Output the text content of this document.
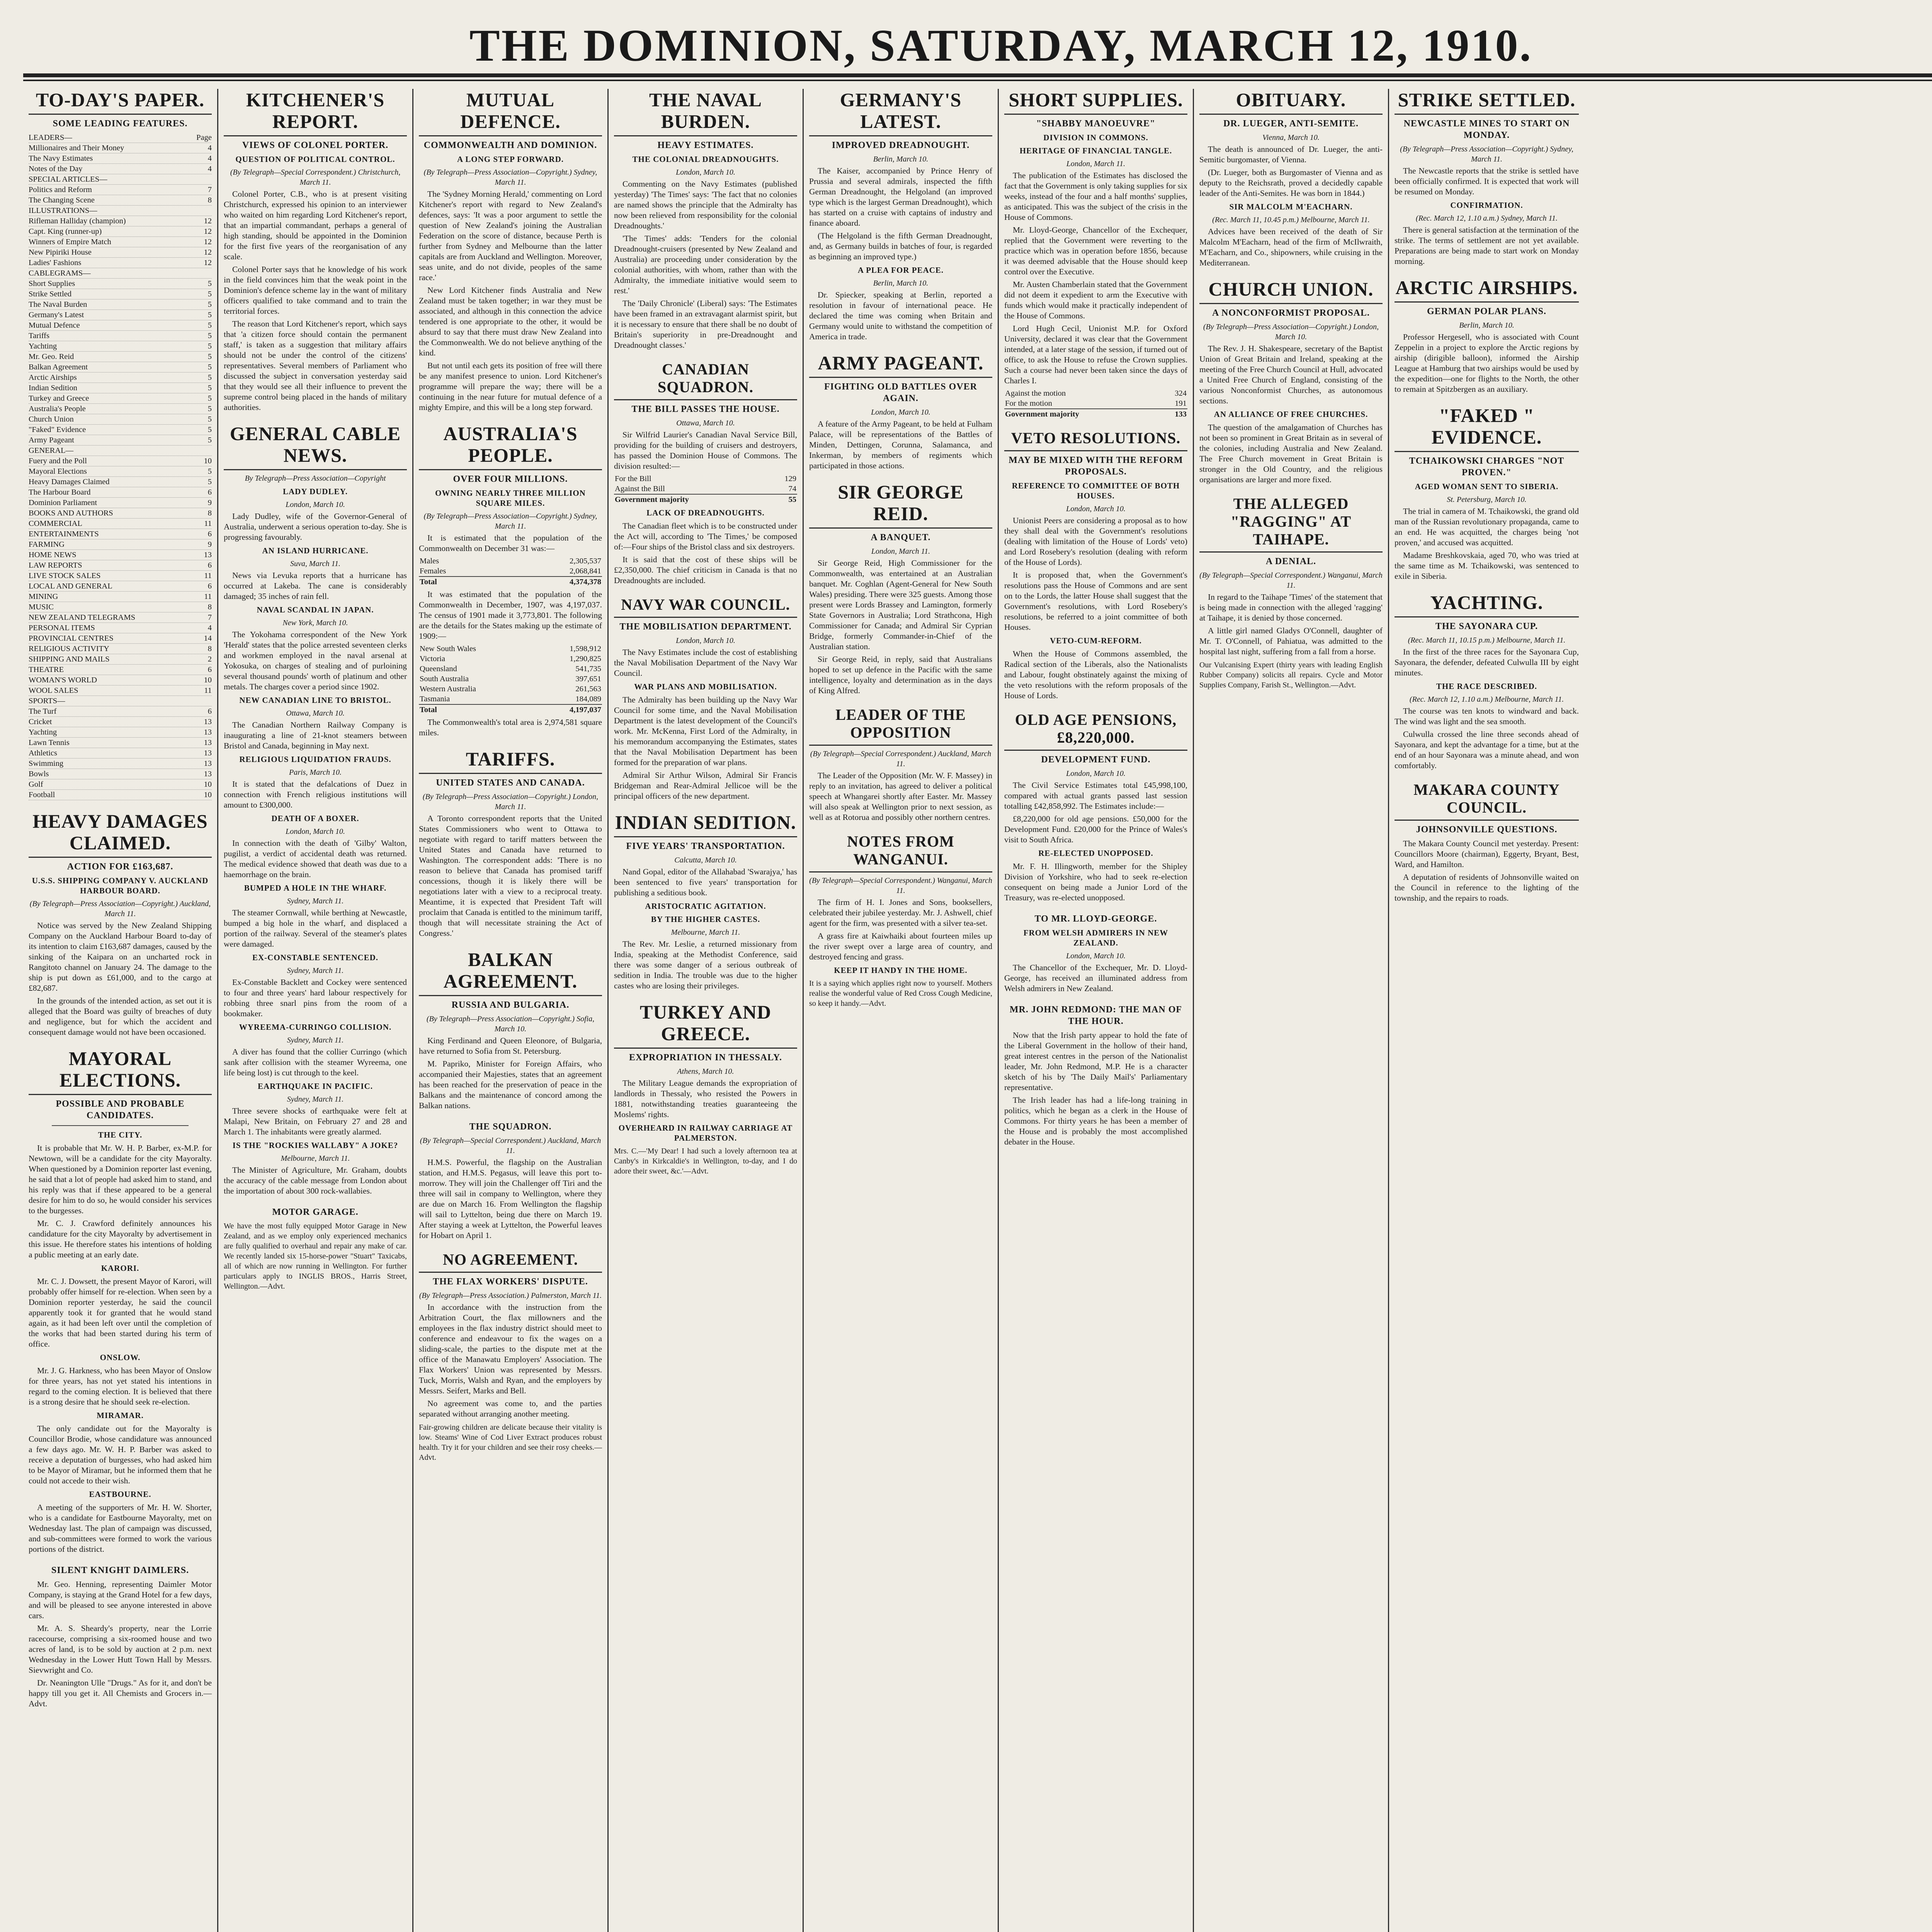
THE DOMINION, SATURDAY, MARCH 12, 1910.
TO-DAY'S PAPER.
SOME LEADING FEATURES.
LEADERS—	Page
Millionaires and Their Money	4
The Navy Estimates	4
Notes of the Day	4
SPECIAL ARTICLES—
Politics and Reform	7
The Changing Scene	8
ILLUSTRATIONS—
Rifleman Halliday (champion)	12
Capt. King (runner-up)	12
Winners of Empire Match	12
New Pipiriki House	12
Ladies' Fashions	12
CABLEGRAMS—
Short Supplies	5
Strike Settled	5
The Naval Burden	5
Germany's Latest	5
Mutual Defence	5
Tariffs	5
Yachting	5
Mr. Geo. Reid	5
Balkan Agreement	5
Arctic Airships	5
Indian Sedition	5
Turkey and Greece	5
Australia's People	5
Church Union	5
"Faked" Evidence	5
Army Pageant	5
GENERAL—
Fuery and the Poll	10
Mayoral Elections	5
Heavy Damages Claimed	5
The Harbour Board	6
Dominion Parliament	9
BOOKS AND AUTHORS	8
COMMERCIAL	11
ENTERTAINMENTS	6
FARMING	9
HOME NEWS	13
LAW REPORTS	6
LIVE STOCK SALES	11
LOCAL AND GENERAL	6
MINING	11
MUSIC	8
NEW ZEALAND TELEGRAMS	7
PERSONAL ITEMS	4
PROVINCIAL CENTRES	14
RELIGIOUS ACTIVITY	8
SHIPPING AND MAILS	2
THEATRE	6
WOMAN'S WORLD	10
WOOL SALES	11
SPORTS—
The Turf	6
Cricket	13
Yachting	13
Lawn Tennis	13
Athletics	13
Swimming	13
Bowls	13
Golf	10
Football	10
HEAVY DAMAGES CLAIMED.
ACTION FOR £163,687.
U.S.S. SHIPPING COMPANY V. AUCKLAND HARBOUR BOARD.
(By Telegraph—Press Association—Copyright.) Auckland, March 11.

Notice was served by the New Zealand Shipping Company on the Auckland Harbour Board to-day of its intention to claim £163,687 damages, caused by the sinking of the Kaipara on an uncharted rock in Rangitoto channel on January 24. The damage to the ship is put down as £61,000, and to the cargo at £82,687.

In the grounds of the intended action, as set out it is alleged that the Board was guilty of breaches of duty and negligence, but for which the accident and consequent damage would not have been occasioned.

MAYORAL ELECTIONS.
POSSIBLE AND PROBABLE CANDIDATES.
THE CITY.

It is probable that Mr. W. H. P. Barber, ex-M.P. for Newtown, will be a candidate for the city Mayoralty. When questioned by a Dominion reporter last evening, he said that a lot of people had asked him to stand, and his reply was that if these appeared to be a general desire for him to do so, he would consider his services to the burgesses.

Mr. C. J. Crawford definitely announces his candidature for the city Mayoralty by advertisement in this issue. He therefore states his intentions of holding a public meeting at an early date.

KARORI.

Mr. C. J. Dowsett, the present Mayor of Karori, will probably offer himself for re-election. When seen by a Dominion reporter yesterday, he said the council apparently took it for granted that he would stand again, as it had been left over until the completion of the works that had been started during his term of office.

ONSLOW.

Mr. J. G. Harkness, who has been Mayor of Onslow for three years, has not yet stated his intentions in regard to the coming election. It is believed that there is a strong desire that he should seek re-election.

MIRAMAR.

The only candidate out for the Mayoralty is Councillor Brodie, whose candidature was announced a few days ago. Mr. W. H. P. Barber was asked to receive a deputation of burgesses, who had asked him to be Mayor of Miramar, but he informed them that he could not accede to their wish.

EASTBOURNE.

A meeting of the supporters of Mr. H. W. Shorter, who is a candidate for Eastbourne Mayoralty, met on Wednesday last. The plan of campaign was discussed, and sub-committees were formed to work the various portions of the district.

SILENT KNIGHT DAIMLERS.

Mr. Geo. Henning, representing Daimler Motor Company, is staying at the Grand Hotel for a few days, and will be pleased to see anyone interested in above cars.

Mr. A. S. Sheardy's property, near the Lorrie racecourse, comprising a six-roomed house and two acres of land, is to be sold by auction at 2 p.m. next Wednesday in the Lower Hutt Town Hall by Messrs. Sievwright and Co.

Dr. Neanington Ulle "Drugs." As for it, and don't be happy till you get it. All Chemists and Grocers in.—Advt.

KITCHENER'S REPORT.
VIEWS OF COLONEL PORTER.
QUESTION OF POLITICAL CONTROL.
(By Telegraph—Special Correspondent.) Christchurch, March 11.

Colonel Porter, C.B., who is at present visiting Christchurch, expressed his opinion to an interviewer who waited on him regarding Lord Kitchener's report, that an impartial commandant, perhaps a general of high standing, should be appointed in the Dominion for the first five years of the reorganisation of any scale.

Colonel Porter says that he knowledge of his work in the field convinces him that the weak point in the Dominion's defence scheme lay in the want of military officers qualified to take command and to train the territorial forces.

The reason that Lord Kitchener's report, which says that 'a citizen force should contain the permanent staff,' is taken as a suggestion that military affairs should not be under the control of the citizens' representatives. Several members of Parliament who discussed the subject in conversation yesterday said that they would see all their influence to prevent the supreme control being placed in the hands of military authorities.

GENERAL CABLE NEWS.
By Telegraph—Press Association—Copyright
LADY DUDLEY.
London, March 10.

Lady Dudley, wife of the Governor-General of Australia, underwent a serious operation to-day. She is progressing favourably.

AN ISLAND HURRICANE.
Suva, March 11.

News via Levuka reports that a hurricane has occurred at Lakeba. The cane is considerably damaged; 35 inches of rain fell.

NAVAL SCANDAL IN JAPAN.
New York, March 10.

The Yokohama correspondent of the New York 'Herald' states that the police arrested seventeen clerks and workmen employed in the naval arsenal at Yokosuka, on charges of stealing and of purloining several thousand pounds' worth of platinum and other metals. The charges cover a period since 1902.

NEW CANADIAN LINE TO BRISTOL.
Ottawa, March 10.

The Canadian Northern Railway Company is inaugurating a line of 21-knot steamers between Bristol and Canada, beginning in May next.

RELIGIOUS LIQUIDATION FRAUDS.
Paris, March 10.

It is stated that the defalcations of Duez in connection with French religious institutions will amount to £300,000.

DEATH OF A BOXER.
London, March 10.

In connection with the death of 'Gilby' Walton, pugilist, a verdict of accidental death was returned. The medical evidence showed that death was due to a haemorrhage on the brain.

BUMPED A HOLE IN THE WHARF.
Sydney, March 11.

The steamer Cornwall, while berthing at Newcastle, bumped a big hole in the wharf, and displaced a portion of the railway. Several of the steamer's plates were damaged.

EX-CONSTABLE SENTENCED.
Sydney, March 11.

Ex-Constable Backlett and Cockey were sentenced to four and three years' hard labour respectively for robbing three snarl pins from the room of a bookmaker.

WYREEMA-CURRINGO COLLISION.
Sydney, March 11.

A diver has found that the collier Curringo (which sank after collision with the steamer Wyreema, one life being lost) is cut through to the keel.

EARTHQUAKE IN PACIFIC.
Sydney, March 11.

Three severe shocks of earthquake were felt at Malapi, New Britain, on February 27 and 28 and March 1. The inhabitants were greatly alarmed.

IS THE "ROCKIES WALLABY" A JOKE?
Melbourne, March 11.

The Minister of Agriculture, Mr. Graham, doubts the accuracy of the cable message from London about the importation of about 300 rock-wallabies.

MOTOR GARAGE.
We have the most fully equipped Motor Garage in New Zealand, and as we employ only experienced mechanics are fully qualified to overhaul and repair any make of car. We recently landed six 15-horse-power "Stuart" Taxicabs, all of which are now running in Wellington. For further particulars apply to INGLIS BROS., Harris Street, Wellington.—Advt.
MUTUAL DEFENCE.
COMMONWEALTH AND DOMINION.
A LONG STEP FORWARD.
(By Telegraph—Press Association—Copyright.) Sydney, March 11.

The 'Sydney Morning Herald,' commenting on Lord Kitchener's report with regard to New Zealand's defences, says: 'It was a poor argument to settle the question of New Zealand's joining the Australian Federation on the score of distance, because Perth is further from Sydney and Melbourne than the latter capitals are from Auckland and Wellington. Moreover, seas unite, and do not divide, peoples of the same race.'

New Lord Kitchener finds Australia and New Zealand must be taken together; in war they must be associated, and although in this connection the advice tendered is one appropriate to the other, it would be absurd to say that there must draw New Zealand into the Commonwealth. We do not believe anything of the kind.

But not until each gets its position of free will there be any manifest presence to union. Lord Kitchener's programme will prepare the way; there will be a continuing in the near future for mutual defence of a mighty Empire, and this will be a long step forward.

AUSTRALIA'S PEOPLE.
OVER FOUR MILLIONS.
OWNING NEARLY THREE MILLION SQUARE MILES.
(By Telegraph—Press Association—Copyright.) Sydney, March 11.

It is estimated that the population of the Commonwealth on December 31 was:—

Males	2,305,537
Females	2,068,841
Total	4,374,378

It was estimated that the population of the Commonwealth in December, 1907, was 4,197,037. The census of 1901 made it 3,773,801. The following are the details for the States making up the estimate of 1909:—

New South Wales	1,598,912
Victoria	1,290,825
Queensland	541,735
South Australia	397,651
Western Australia	261,563
Tasmania	184,089
Total	4,197,037

The Commonwealth's total area is 2,974,581 square miles.

TARIFFS.
UNITED STATES AND CANADA.
(By Telegraph—Press Association—Copyright.) London, March 11.

A Toronto correspondent reports that the United States Commissioners who went to Ottawa to negotiate with regard to tariff matters between the United States and Canada have returned to Washington. The correspondent adds: 'There is no reason to believe that Canada has promised tariff concessions, though it is likely there will be negotiations later with a view to a reciprocal treaty. Meantime, it is expected that President Taft will proclaim that Canada is entitled to the minimum tariff, though that will necessitate straining the Act of Congress.'

BALKAN AGREEMENT.
RUSSIA AND BULGARIA.
(By Telegraph—Press Association—Copyright.) Sofia, March 10.

King Ferdinand and Queen Eleonore, of Bulgaria, have returned to Sofia from St. Petersburg.

M. Papriko, Minister for Foreign Affairs, who accompanied their Majesties, states that an agreement has been reached for the preservation of peace in the Balkans and the maintenance of concord among the Balkan nations.

THE SQUADRON.
(By Telegraph—Special Correspondent.) Auckland, March 11.

H.M.S. Powerful, the flagship on the Australian station, and H.M.S. Pegasus, will leave this port to-morrow. They will join the Challenger off Tiri and the three will sail in company to Wellington, where they are due on March 16. From Wellington the flagship will sail to Lyttelton, being due there on March 19. After staying a week at Lyttelton, the Powerful leaves for Hobart on April 1.

NO AGREEMENT.
THE FLAX WORKERS' DISPUTE.
(By Telegraph—Press Association.) Palmerston, March 11.

In accordance with the instruction from the Arbitration Court, the flax millowners and the employees in the flax industry district should meet to conference and endeavour to fix the wages on a sliding-scale, the parties to the dispute met at the office of the Manawatu Employers' Association. The Flax Workers' Union was represented by Messrs. Tuck, Morris, Walsh and Ryan, and the employers by Messrs. Seifert, Marks and Bell.

No agreement was come to, and the parties separated without arranging another meeting.

Fair-growing children are delicate because their vitality is low. Steams' Wine of Cod Liver Extract produces robust health. Try it for your children and see their rosy cheeks.—Advt.
THE NAVAL BURDEN.
HEAVY ESTIMATES.
THE COLONIAL DREADNOUGHTS.
London, March 10.

Commenting on the Navy Estimates (published yesterday) 'The Times' says: 'The fact that no colonies are named shows the principle that the Admiralty has now been relieved from responsibility for the colonial Dreadnoughts.'

'The Times' adds: 'Tenders for the colonial Dreadnought-cruisers (presented by New Zealand and Australia) are proceeding under consideration by the colonial authorities, with whom, rather than with the Admiralty, the immediate initiative would seem to rest.'

The 'Daily Chronicle' (Liberal) says: 'The Estimates have been framed in an extravagant alarmist spirit, but it is necessary to ensure that there shall be no doubt of Britain's superiority in pre-Dreadnought and Dreadnought classes.'

CANADIAN SQUADRON.
THE BILL PASSES THE HOUSE.
Ottawa, March 10.

Sir Wilfrid Laurier's Canadian Naval Service Bill, providing for the building of cruisers and destroyers, has passed the Dominion House of Commons. The division resulted:—

For the Bill	129
Against the Bill	74
Government majority	55
LACK OF DREADNOUGHTS.

The Canadian fleet which is to be constructed under the Act will, according to 'The Times,' be composed of:—Four ships of the Bristol class and six destroyers.

It is said that the cost of these ships will be £2,350,000. The chief criticism in Canada is that no Dreadnoughts are included.

NAVY WAR COUNCIL.
THE MOBILISATION DEPARTMENT.
London, March 10.

The Navy Estimates include the cost of establishing the Naval Mobilisation Department of the Navy War Council.

WAR PLANS AND MOBILISATION.

The Admiralty has been building up the Navy War Council for some time, and the Naval Mobilisation Department is the latest development of the Council's work. Mr. McKenna, First Lord of the Admiralty, in his memorandum accompanying the Estimates, states that the Naval Mobilisation Department has been formed for the preparation of war plans.

Admiral Sir Arthur Wilson, Admiral Sir Francis Bridgeman and Rear-Admiral Jellicoe will be the principal officers of the new department.

INDIAN SEDITION.
FIVE YEARS' TRANSPORTATION.
Calcutta, March 10.

Nand Gopal, editor of the Allahabad 'Swarajya,' has been sentenced to five years' transportation for publishing a seditious book.

ARISTOCRATIC AGITATION.
BY THE HIGHER CASTES.
Melbourne, March 11.

The Rev. Mr. Leslie, a returned missionary from India, speaking at the Methodist Conference, said there was some danger of a serious outbreak of sedition in India. The trouble was due to the higher castes who are losing their privileges.

TURKEY AND GREECE.
EXPROPRIATION IN THESSALY.
Athens, March 10.

The Military League demands the expropriation of landlords in Thessaly, who resisted the Powers in 1881, notwithstanding treaties guaranteeing the Moslems' rights.

OVERHEARD IN RAILWAY CARRIAGE AT PALMERSTON.
Mrs. C.—'My Dear! I had such a lovely afternoon tea at Canby's in Kirkcaldie's in Wellington, to-day, and I do adore their sweet, &c.'—Advt.
GERMANY'S LATEST.
IMPROVED DREADNOUGHT.
Berlin, March 10.

The Kaiser, accompanied by Prince Henry of Prussia and several admirals, inspected the fifth German Dreadnought, the Helgoland (an improved type which is the largest German Dreadnought), which has started on a cruise with captains of industry and finance aboard.

(The Helgoland is the fifth German Dreadnought, and, as Germany builds in batches of four, is regarded as beginning an improved type.)

A PLEA FOR PEACE.
Berlin, March 10.

Dr. Spiecker, speaking at Berlin, reported a resolution in favour of international peace. He declared the time was coming when Britain and Germany would unite to withstand the competition of America in trade.

ARMY PAGEANT.
FIGHTING OLD BATTLES OVER AGAIN.
London, March 10.

A feature of the Army Pageant, to be held at Fulham Palace, will be representations of the Battles of Minden, Dettingen, Corunna, Salamanca, and Inkerman, by members of regiments which participated in those actions.

SIR GEORGE REID.
A BANQUET.
London, March 11.

Sir George Reid, High Commissioner for the Commonwealth, was entertained at an Australian banquet. Mr. Coghlan (Agent-General for New South Wales) presiding. There were 325 guests. Among those present were Lords Brassey and Lamington, formerly State Governors in Australia; Lord Strathcona, High Commissioner for Canada; and Admiral Sir Cyprian Bridge, formerly Commander-in-Chief of the Australian station.

Sir George Reid, in reply, said that Australians hoped to set up defence in the Pacific with the same intelligence, loyalty and determination as in the days of King Alfred.

LEADER OF THE OPPOSITION
(By Telegraph—Special Correspondent.) Auckland, March 11.

The Leader of the Opposition (Mr. W. F. Massey) in reply to an invitation, has agreed to deliver a political speech at Whangarei shortly after Easter. Mr. Massey will also speak at Wellington prior to next session, as well as at Rotorua and possibly other northern centres.

NOTES FROM WANGANUI.
(By Telegraph—Special Correspondent.) Wanganui, March 11.

The firm of H. I. Jones and Sons, booksellers, celebrated their jubilee yesterday. Mr. J. Ashwell, chief agent for the firm, was presented with a silver tea-set.

A grass fire at Kaiwhaiki about fourteen miles up the river swept over a large area of country, and destroyed fencing and grass.

KEEP IT HANDY IN THE HOME.
It is a saying which applies right now to yourself. Mothers realise the wonderful value of Red Cross Cough Medicine, so keep it handy.—Advt.
SHORT SUPPLIES.
"SHABBY MANOEUVRE"
DIVISION IN COMMONS.
HERITAGE OF FINANCIAL TANGLE.
London, March 11.

The publication of the Estimates has disclosed the fact that the Government is only taking supplies for six weeks, instead of the four and a half months' supplies, as anticipated. This was the subject of the crisis in the House of Commons.

Mr. Lloyd-George, Chancellor of the Exchequer, replied that the Government were reverting to the practice which was in operation before 1856, because it was deemed advisable that the House should keep control over the Executive.

Mr. Austen Chamberlain stated that the Government did not deem it expedient to arm the Executive with funds which would make it practically independent of the House of Commons.

Lord Hugh Cecil, Unionist M.P. for Oxford University, declared it was clear that the Government intended, at a later stage of the session, if turned out of office, to ask the House to refuse the Crown supplies. Such a course had never been taken since the days of Charles I.

Against the motion	324
For the motion	191
Government majority	133
VETO RESOLUTIONS.
MAY BE MIXED WITH THE REFORM PROPOSALS.
REFERENCE TO COMMITTEE OF BOTH HOUSES.
London, March 10.

Unionist Peers are considering a proposal as to how they shall deal with the Government's resolutions (dealing with limitation of the House of Lords' veto) and Lord Rosebery's resolution (dealing with reform of the House of Lords).

It is proposed that, when the Government's resolutions pass the House of Commons and are sent on to the Lords, the latter House shall suggest that the Government's resolutions, with Lord Rosebery's resolutions, be referred to a joint committee of both Houses.

VETO-CUM-REFORM.

When the House of Commons assembled, the Radical section of the Liberals, also the Nationalists and Labour, fought obstinately against the mixing of the veto resolutions with the reform proposals of the House of Lords.

OLD AGE PENSIONS, £8,220,000.
DEVELOPMENT FUND.
London, March 10.

The Civil Service Estimates total £45,998,100, compared with actual grants passed last session totalling £42,858,992. The Estimates include:—

£8,220,000 for old age pensions. £50,000 for the Development Fund. £20,000 for the Prince of Wales's visit to South Africa.

RE-ELECTED UNOPPOSED.

Mr. F. H. Illingworth, member for the Shipley Division of Yorkshire, who had to seek re-election consequent on being made a Junior Lord of the Treasury, was re-elected unopposed.

TO MR. LLOYD-GEORGE.
FROM WELSH ADMIRERS IN NEW ZEALAND.
London, March 10.

The Chancellor of the Exchequer, Mr. D. Lloyd-George, has received an illuminated address from Welsh admirers in New Zealand.

MR. JOHN REDMOND: THE MAN OF THE HOUR.

Now that the Irish party appear to hold the fate of the Liberal Government in the hollow of their hand, great interest centres in the person of the Nationalist leader, Mr. John Redmond, M.P. He is a character sketch of his by 'The Daily Mail's' Parliamentary representative.

The Irish leader has had a life-long training in politics, which he began as a clerk in the House of Commons. For thirty years he has been a member of the House and is probably the most accomplished debater in the House.

OBITUARY.
DR. LUEGER, ANTI-SEMITE.
Vienna, March 10.

The death is announced of Dr. Lueger, the anti-Semitic burgomaster, of Vienna.

(Dr. Lueger, both as Burgomaster of Vienna and as deputy to the Reichsrath, proved a decidedly capable leader of the Anti-Semites. He was born in 1844.)

SIR MALCOLM M'EACHARN.
(Rec. March 11, 10.45 p.m.) Melbourne, March 11.

Advices have been received of the death of Sir Malcolm M'Eacharn, head of the firm of McIlwraith, M'Eacharn, and Co., shipowners, while cruising in the Mediterranean.

CHURCH UNION.
A NONCONFORMIST PROPOSAL.
(By Telegraph—Press Association—Copyright.) London, March 10.

The Rev. J. H. Shakespeare, secretary of the Baptist Union of Great Britain and Ireland, speaking at the meeting of the Free Church Council at Hull, advocated a United Free Church of England, consisting of the various Nonconformist Churches, as autonomous sections.

AN ALLIANCE OF FREE CHURCHES.

The question of the amalgamation of Churches has not been so prominent in Great Britain as in several of the colonies, including Australia and New Zealand. The Free Church movement in Great Britain is stronger in the Old Country, and the religious organisations are larger and more fixed.

THE ALLEGED "RAGGING" AT TAIHAPE.
A DENIAL.
(By Telegraph—Special Correspondent.) Wanganui, March 11.

In regard to the Taihape 'Times' of the statement that is being made in connection with the alleged 'ragging' at Taihape, it is denied by those concerned.

A little girl named Gladys O'Connell, daughter of Mr. T. O'Connell, of Pahiatua, was admitted to the hospital last night, suffering from a fall from a horse.

Our Vulcanising Expert (thirty years with leading English Rubber Company) solicits all repairs. Cycle and Motor Supplies Company, Farish St., Wellington.—Advt.
STRIKE SETTLED.
NEWCASTLE MINES TO START ON MONDAY.
(By Telegraph—Press Association—Copyright.) Sydney, March 11.

The Newcastle reports that the strike is settled have been officially confirmed. It is expected that work will be resumed on Monday.

CONFIRMATION.
(Rec. March 12, 1.10 a.m.) Sydney, March 11.

There is general satisfaction at the termination of the strike. The terms of settlement are not yet available. Preparations are being made to start work on Monday morning.

ARCTIC AIRSHIPS.
GERMAN POLAR PLANS.
Berlin, March 10.

Professor Hergesell, who is associated with Count Zeppelin in a project to explore the Arctic regions by airship (dirigible balloon), informed the Airship League at Hamburg that two airships would be used by the expedition—one for flights to the North, the other to remain at Spitzbergen as an auxiliary.

"FAKED " EVIDENCE.
TCHAIKOWSKI CHARGES "NOT PROVEN."
AGED WOMAN SENT TO SIBERIA.
St. Petersburg, March 10.

The trial in camera of M. Tchaikowski, the grand old man of the Russian revolutionary propaganda, came to an end. He was acquitted, the charges being 'not proven,' and accused was acquitted.

Madame Breshkovskaia, aged 70, who was tried at the same time as M. Tchaikowski, was sentenced to exile in Siberia.

YACHTING.
THE SAYONARA CUP.
(Rec. March 11, 10.15 p.m.) Melbourne, March 11.

In the first of the three races for the Sayonara Cup, Sayonara, the defender, defeated Culwulla III by eight minutes.

THE RACE DESCRIBED.
(Rec. March 12, 1.10 a.m.) Melbourne, March 11.

The course was ten knots to windward and back. The wind was light and the sea smooth.

Culwulla crossed the line three seconds ahead of Sayonara, and kept the advantage for a time, but at the end of an hour Sayonara was a minute ahead, and won comfortably.

MAKARA COUNTY COUNCIL.
JOHNSONVILLE QUESTIONS.

The Makara County Council met yesterday. Present: Councillors Moore (chairman), Eggerty, Bryant, Best, Ward, and Hamilton.

A deputation of residents of Johnsonville waited on the Council in reference to the lighting of the township, and the repairs to roads.
